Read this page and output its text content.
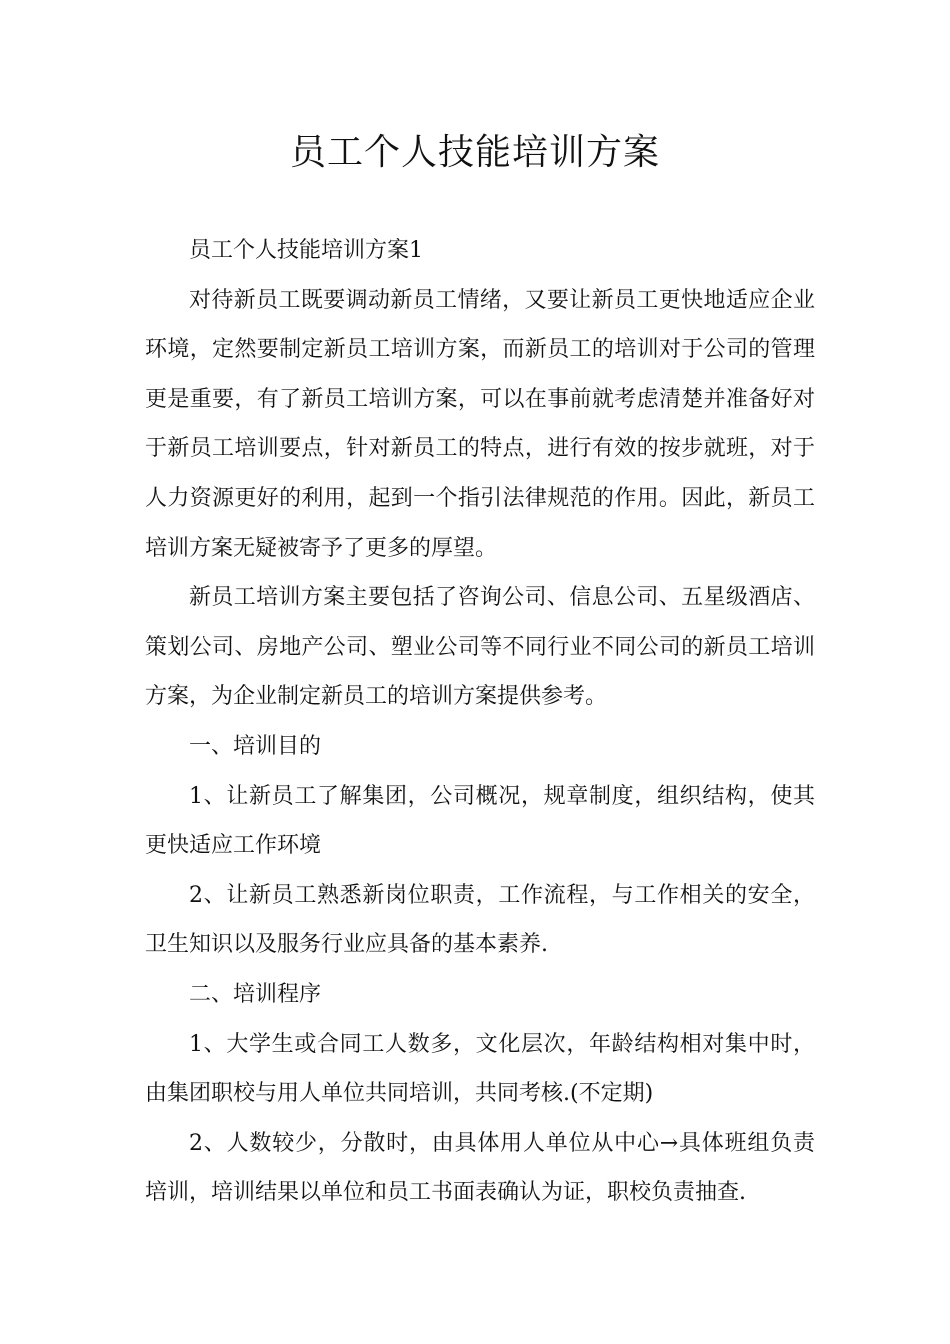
员工个人技能培训方案

员工个人技能培训方案1

对待新员工既要调动新员工情绪，又要让新员工更快地适应企业环境，定然要制定新员工培训方案，而新员工的培训对于公司的管理更是重要，有了新员工培训方案，可以在事前就考虑清楚并准备好对于新员工培训要点，针对新员工的特点，进行有效的按步就班，对于人力资源更好的利用，起到一个指引法律规范的作用。因此，新员工培训方案无疑被寄予了更多的厚望。

新员工培训方案主要包括了咨询公司、信息公司、五星级酒店、策划公司、房地产公司、塑业公司等不同行业不同公司的新员工培训方案，为企业制定新员工的培训方案提供参考。

一、培训目的

1、让新员工了解集团，公司概况，规章制度，组织结构，使其更快适应工作环境

2、让新员工熟悉新岗位职责，工作流程，与工作相关的安全，卫生知识以及服务行业应具备的基本素养.

二、培训程序

1、大学生或合同工人数多，文化层次，年龄结构相对集中时，由集团职校与用人单位共同培训，共同考核.(不定期)

2、人数较少，分散时，由具体用人单位从中心→具体班组负责培训，培训结果以单位和员工书面表确认为证，职校负责抽查.
